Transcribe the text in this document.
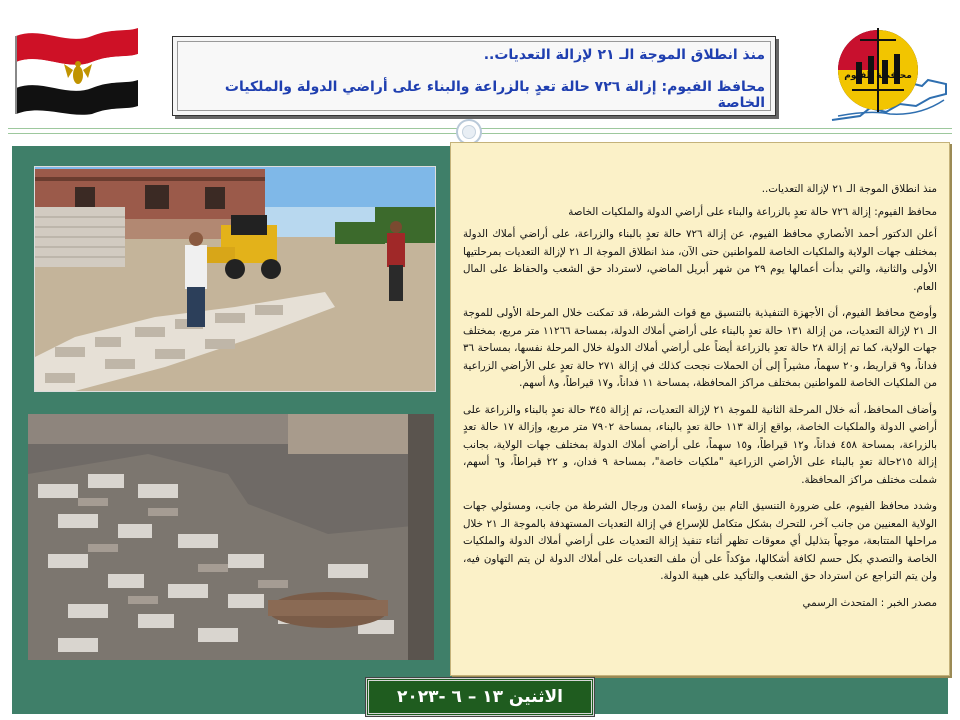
منذ انطلاق الموجة الـ ٢١ لإزالة التعديات..
محافظ الفيوم: إزالة ٧٢٦ حالة تعدٍ بالزراعة والبناء على أراضي الدولة والملكيات الخاصة
محافظة الفيوم

منذ انطلاق الموجة الـ ٢١ لإزالة التعديات..

محافظ الفيوم: إزالة ٧٢٦ حالة تعدٍ بالزراعة والبناء على أراضي الدولة والملكيات الخاصة

أعلن الدكتور أحمد الأنصاري محافظ الفيوم، عن إزالة ٧٢٦ حالة تعدٍ بالبناء والزراعة، على أراضي أملاك الدولة بمختلف جهات الولاية والملكيات الخاصة للمواطنين حتى الآن، منذ انطلاق الموجة الـ ٢١ لإزالة التعديات بمرحلتيها الأولى والثانية، والتي بدأت أعمالها يوم ٢٩ من شهر أبريل الماضي، لاسترداد حق الشعب والحفاظ على المال العام.

وأوضح محافظ الفيوم، أن الأجهزة التنفيذية بالتنسيق مع قوات الشرطة، قد تمكنت خلال المرحلة الأولى للموجة الـ ٢١ لإزالة التعديات، من إزالة ١٣١ حالة تعدٍ بالبناء على أراضي أملاك الدولة، بمساحة ١١٢٦٦ متر مربع، بمختلف جهات الولاية، كما تم إزالة ٢٨ حالة تعدٍ بالزراعة أيضاً على أراضي أملاك الدولة خلال المرحلة نفسها، بمساحة ٣٦ فداناً، و٩ قراريط، و٢٠ سهماً، مشيراً إلى أن الحملات نجحت كذلك في إزالة ٢٧١ حالة تعدٍ على الأراضي الزراعية من الملكيات الخاصة للمواطنين بمختلف مراكز المحافظة، بمساحة ١١ فداناً، و١٧ قيراطاً، و٨ أسهم.

وأضاف المحافظ، أنه خلال المرحلة الثانية للموجة ٢١ لإزالة التعديات، تم إزالة ٣٤٥ حالة تعدٍ بالبناء والزراعة على أراضي الدولة والملكيات الخاصة، بواقع إزالة ١١٣ حالة تعدٍ بالبناء، بمساحة ٧٩٠٢ متر مربع، وإزالة ١٧ حالة تعدٍ بالزراعة، بمساحة ٤٥٨ فداناً، و١٢ قيراطاً، و١٥ سهماً، على أراضي أملاك الدولة بمختلف جهات الولاية، بجانب إزالة ٢١٥حالة تعدٍ بالبناء على الأراضي الزراعية "ملكيات خاصة"، بمساحة ٩ فدان، و ٢٢ قيراطاً، و٦ أسهم، شملت مختلف مراكز المحافظة.

وشدد محافظ الفيوم، على ضرورة التنسيق التام بين رؤساء المدن ورجال الشرطة من جانب، ومسئولي جهات الولاية المعنيين من جانب آخر، للتحرك بشكل متكامل للإسراع في إزالة التعديات المستهدفة بالموجة الـ ٢١ خلال مراحلها المتتابعة، موجهاً بتذليل أي معوقات تظهر أثناء تنفيذ إزالة التعديات على أراضي أملاك الدولة والملكيات الخاصة والتصدي بكل حسم لكافة أشكالها، مؤكداً على أن ملف التعديات على أملاك الدولة لن يتم التهاون فيه، ولن يتم التراجع عن استرداد حق الشعب والتأكيد على هيبة الدولة.

مصدر الخبر : المتحدث الرسمي

الاثنين ١٣ – ٦ -٢٠٢٣
